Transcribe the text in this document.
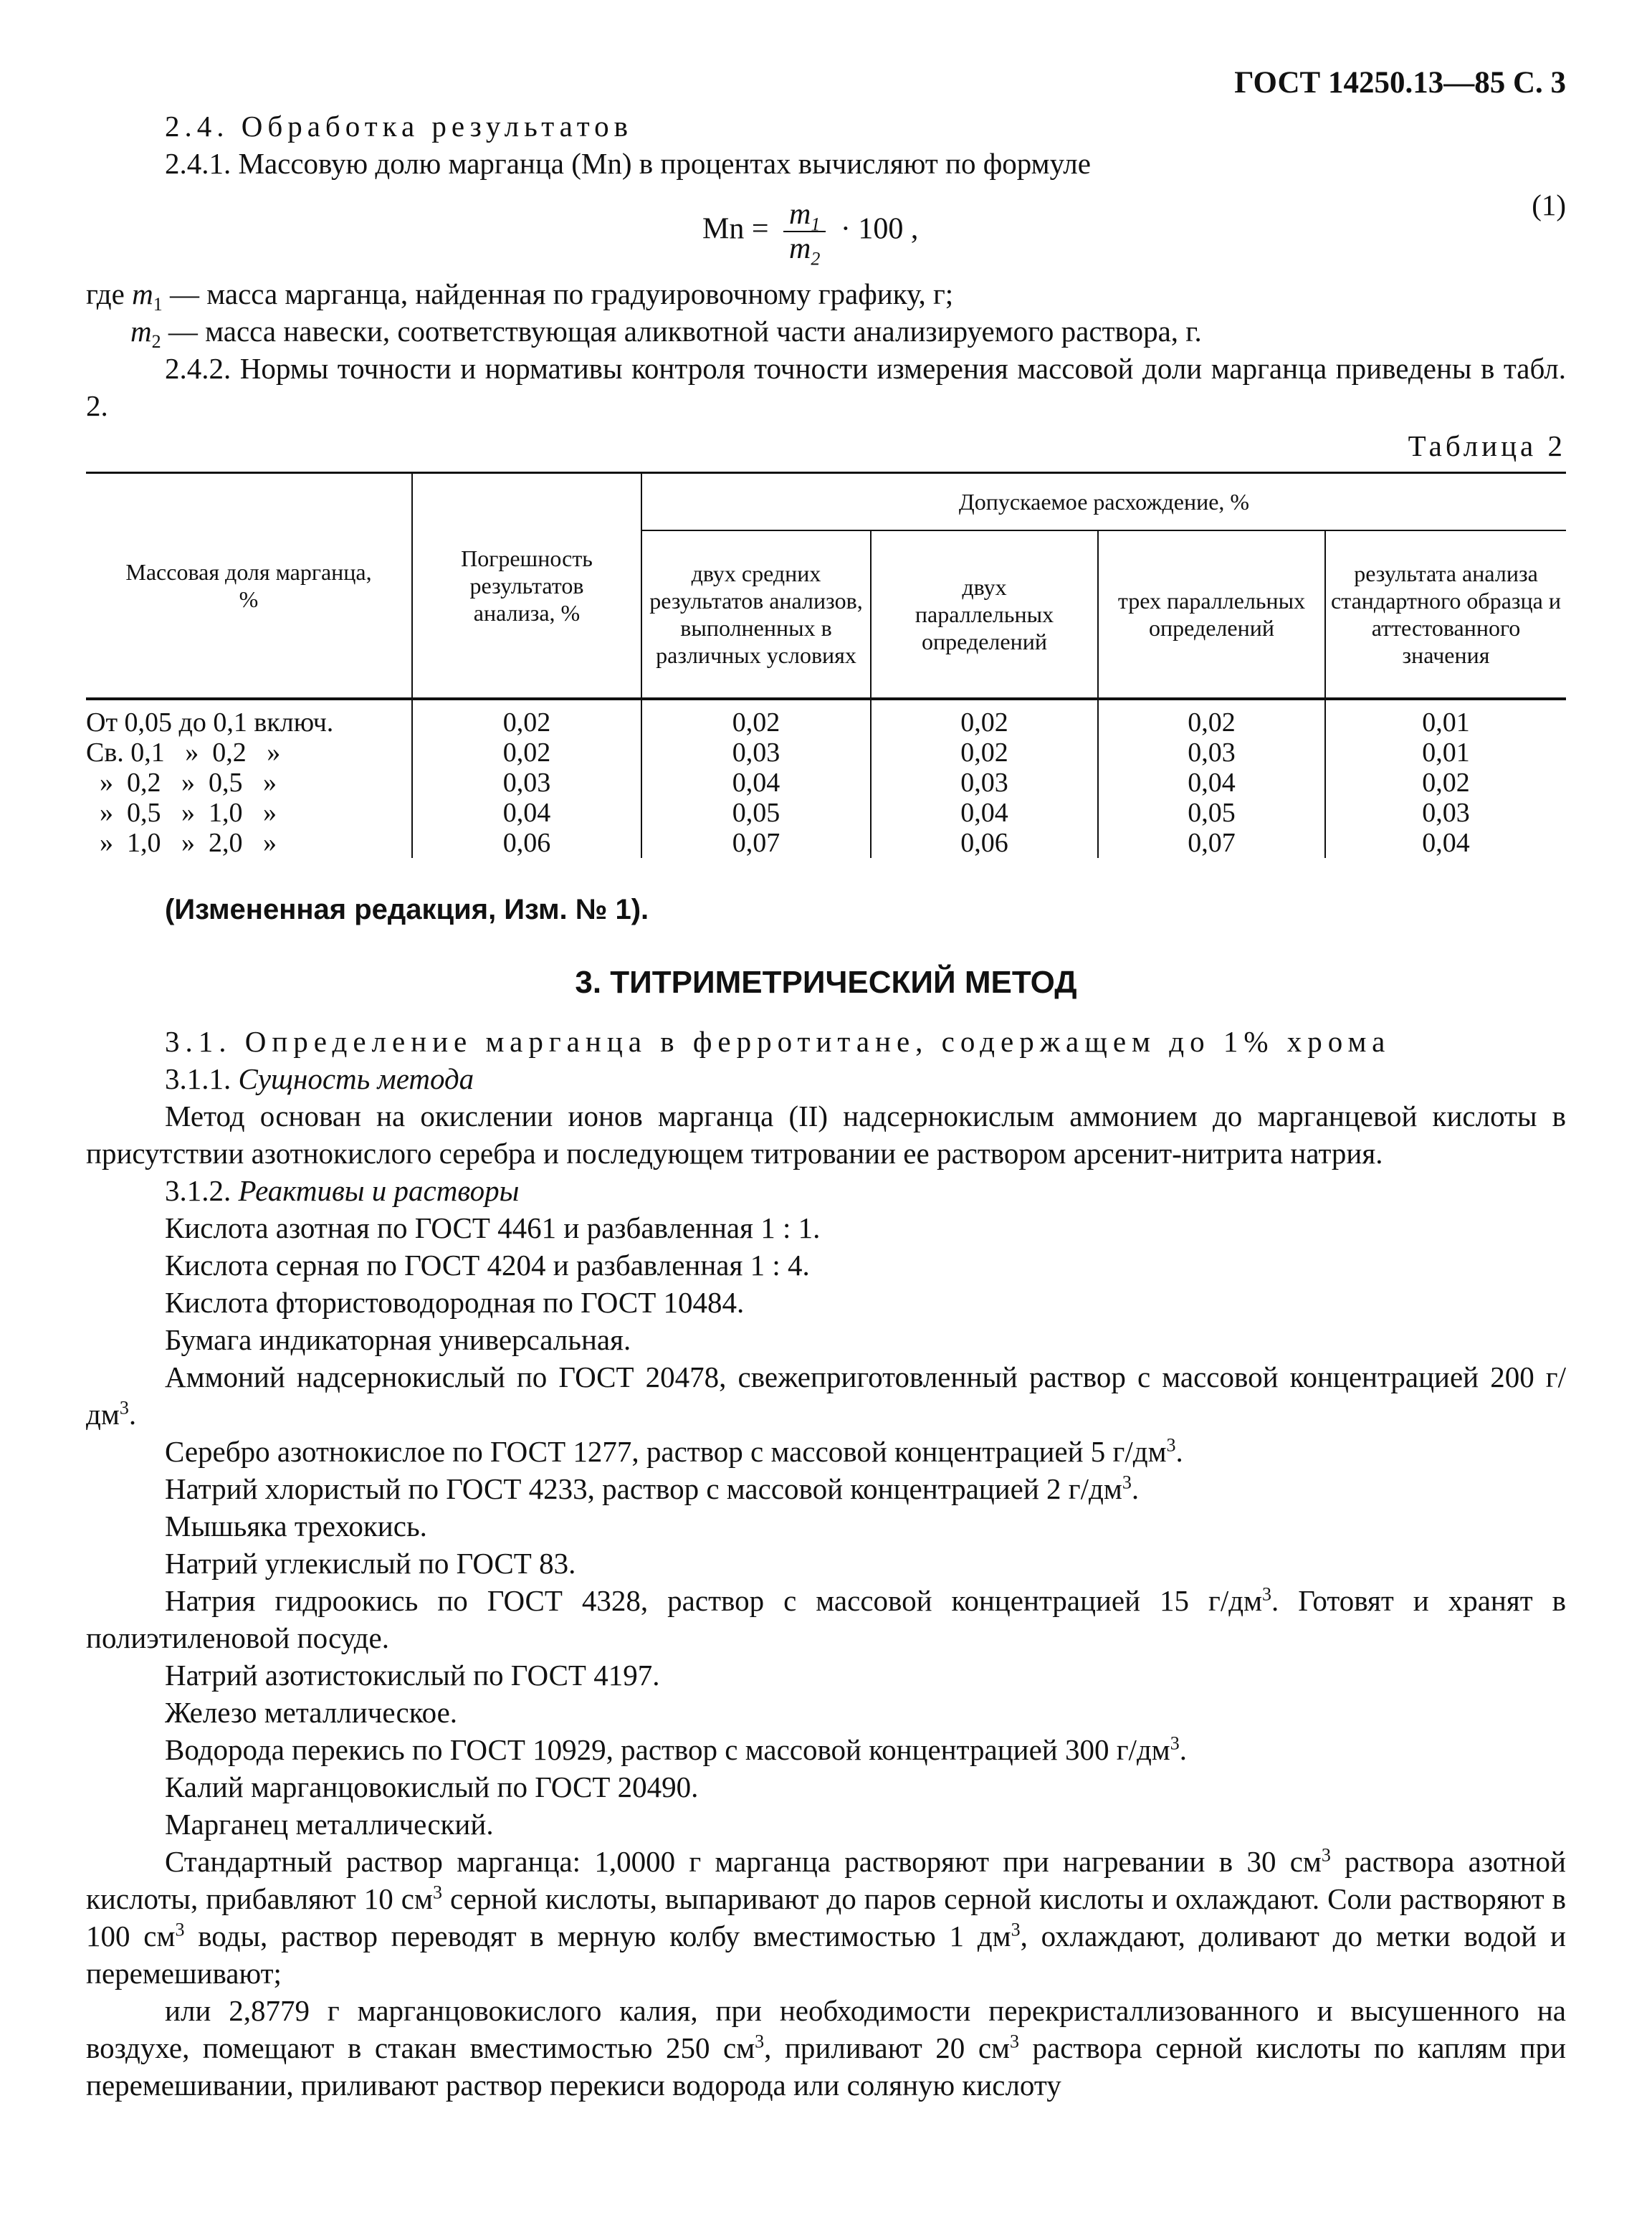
ГОСТ 14250.13—85 С. 3

2.4. Обработка результатов

2.4.1. Массовую долю марганца (Mn) в процентах вычисляют по формуле

$Mn = \frac{m_1}{m_2} \cdot 100$ ,
(1)

где $m_1$ — масса марганца, найденная по градуировочному графику, г;

$m_2$ — масса навески, соответствующая аликвотной части анализируемого раствора, г.

2.4.2. Нормы точности и нормативы контроля точности измерения массовой доли марганца приведены в табл. 2.

Таблица 2
Массовая доля марганца, %	Погрешность результатов анализа, %	Допускаемое расхождение, %			
		двух средних результатов анализов, выполненных в различных условиях	двух параллельных определений	трех параллельных определений	результата анализа стандартного образца и аттестованного значения

От 0,05 до 0,1 включ.	0,02	0,02	0,02	0,02	0,01
Св. 0,1   »  0,2   »	0,02	0,03	0,02	0,03	0,01
»  0,2   »  0,5   »	0,03	0,04	0,03	0,04	0,02
»  0,5   »  1,0   »	0,04	0,05	0,04	0,05	0,03
»  1,0   »  2,0   »	0,06	0,07	0,06	0,07	0,04

(Измененная редакция, Изм. № 1).

3. ТИТРИМЕТРИЧЕСКИЙ МЕТОД

3.1. Определение марганца в ферротитане, содержащем до 1% хрома

3.1.1. Сущность метода

Метод основан на окислении ионов марганца (II) надсернокислым аммонием до марганцевой кислоты в присутствии азотнокислого серебра и последующем титровании ее раствором арсенит-нитрита натрия.

3.1.2. Реактивы и растворы

Кислота азотная по ГОСТ 4461 и разбавленная 1 : 1.

Кислота серная по ГОСТ 4204 и разбавленная 1 : 4.

Кислота фтористоводородная по ГОСТ 10484.

Бумага индикаторная универсальная.

Аммоний надсернокислый по ГОСТ 20478, свежеприготовленный раствор с массовой концентрацией 200 $г/дм^3$.

Серебро азотнокислое по ГОСТ 1277, раствор с массовой концентрацией 5 $г/дм^3$.

Натрий хлористый по ГОСТ 4233, раствор с массовой концентрацией 2 $г/дм^3$.

Мышьяка трехокись.

Натрий углекислый по ГОСТ 83.

Натрия гидроокись по ГОСТ 4328, раствор с массовой концентрацией 15 $г/дм^3$. Готовят и хранят в полиэтиленовой посуде.

Натрий азотистокислый по ГОСТ 4197.

Железо металлическое.

Водорода перекись по ГОСТ 10929, раствор с массовой концентрацией 300 $г/дм^3$.

Калий марганцовокислый по ГОСТ 20490.

Марганец металлический.

Стандартный раствор марганца: 1,0000 г марганца растворяют при нагревании в 30 $см^3$ раствора азотной кислоты, прибавляют 10 $см^3$ серной кислоты, выпаривают до паров серной кислоты и охлаждают. Соли растворяют в 100 $см^3$ воды, раствор переводят в мерную колбу вместимостью 1 $дм^3$, охлаждают, доливают до метки водой и перемешивают;

или 2,8779 г марганцовокислого калия, при необходимости перекристаллизованного и высушенного на воздухе, помещают в стакан вместимостью 250 $см^3$, приливают 20 $см^3$ раствора серной кислоты по каплям при перемешивании, приливают раствор перекиси водорода или соляную кислоту
